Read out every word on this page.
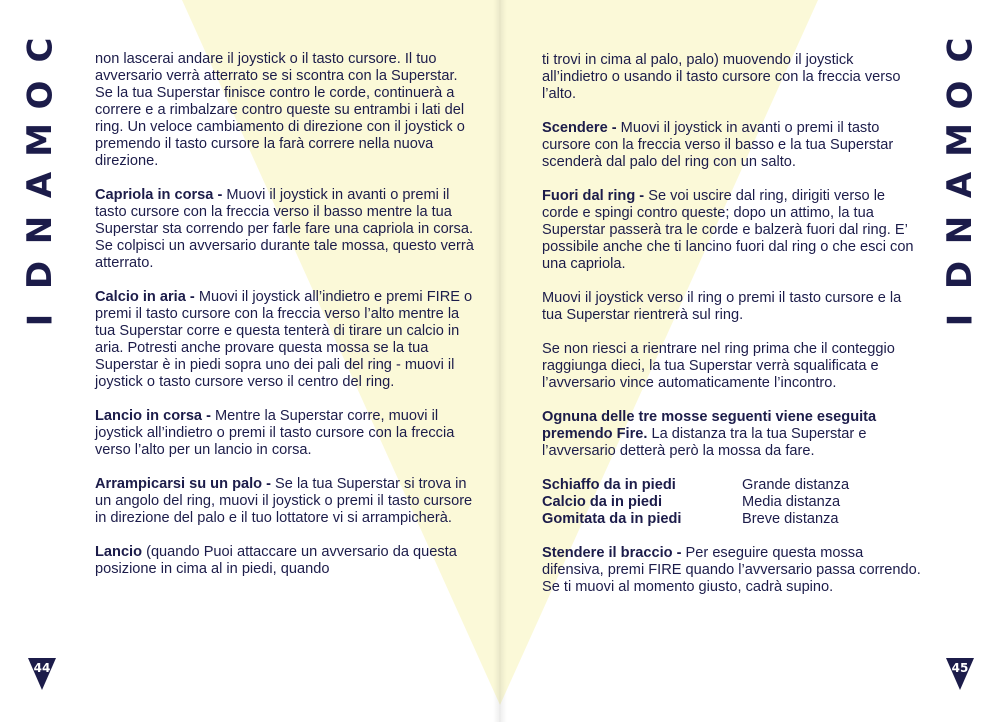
C
O
M
A
N
D
I
C
O
M
A
N
D
I

non lascerai andare il joystick o il tasto cursore. Il tuo avversario verrà atterrato se si scontra con la Superstar.

Se la tua Superstar finisce contro le corde, continuerà a correre e a rimbalzare contro queste su entrambi i lati del ring. Un veloce cambiamento di direzione con il joystick o premendo il tasto cursore la farà correre nella nuova direzione.

Capriola in corsa - Muovi il joystick in avanti o premi il tasto cursore con la freccia verso il basso mentre la tua Superstar sta correndo per farle fare una capriola in corsa. Se colpisci un avversario durante tale mossa, questo verrà atterrato.

Calcio in aria - Muovi il joystick all’indietro e premi FIRE o premi il tasto cursore con la freccia verso l’alto mentre la tua Superstar corre e questa tenterà di tirare un calcio in aria. Potresti anche provare questa mossa se la tua Superstar è in piedi sopra uno dei pali del ring - muovi il joystick o tasto cursore verso il centro del ring.

Lancio in corsa - Mentre la Superstar corre, muovi il joystick all’indietro o premi il tasto cursore con la freccia verso l’alto per un lancio in corsa.

Arrampicarsi su un palo - Se la tua Superstar si trova in un angolo del ring, muovi il joystick o premi il tasto cursore in direzione del palo e il tuo lottatore vi si arrampicherà.

Lancio (quando Puoi attaccare un avversario da questa posizione in cima al in piedi, quando

ti trovi in cima al palo, palo) muovendo il joystick all’indietro o usando il tasto cursore con la freccia verso l’alto.

Scendere - Muovi il joystick in avanti o premi il tasto cursore con la freccia verso il basso e la tua Superstar scenderà dal palo del ring con un salto.

Fuori dal ring - Se voi uscire dal ring, dirigiti verso le corde e spingi contro queste; dopo un attimo, la tua Superstar passerà tra le corde e balzerà fuori dal ring. E’ possibile anche che ti lancino fuori dal ring o che esci con una capriola.

Muovi il joystick verso il ring o premi il tasto cursore e la tua Superstar rientrerà sul ring.

Se non riesci a rientrare nel ring prima che il conteggio raggiunga dieci, la tua Superstar verrà squalificata e l’avversario vince automaticamente l’incontro.

Ognuna delle tre mosse seguenti viene eseguita premendo Fire. La distanza tra la tua Superstar e l’avversario detterà però la mossa da fare.

Schiaffo da in piedi	Grande distanza
Calcio da in piedi	Media distanza
Gomitata da in piedi	Breve distanza

Stendere il braccio - Per eseguire questa mossa difensiva, premi FIRE quando l’avversario passa correndo. Se ti muovi al momento giusto, cadrà supino.

44	45
